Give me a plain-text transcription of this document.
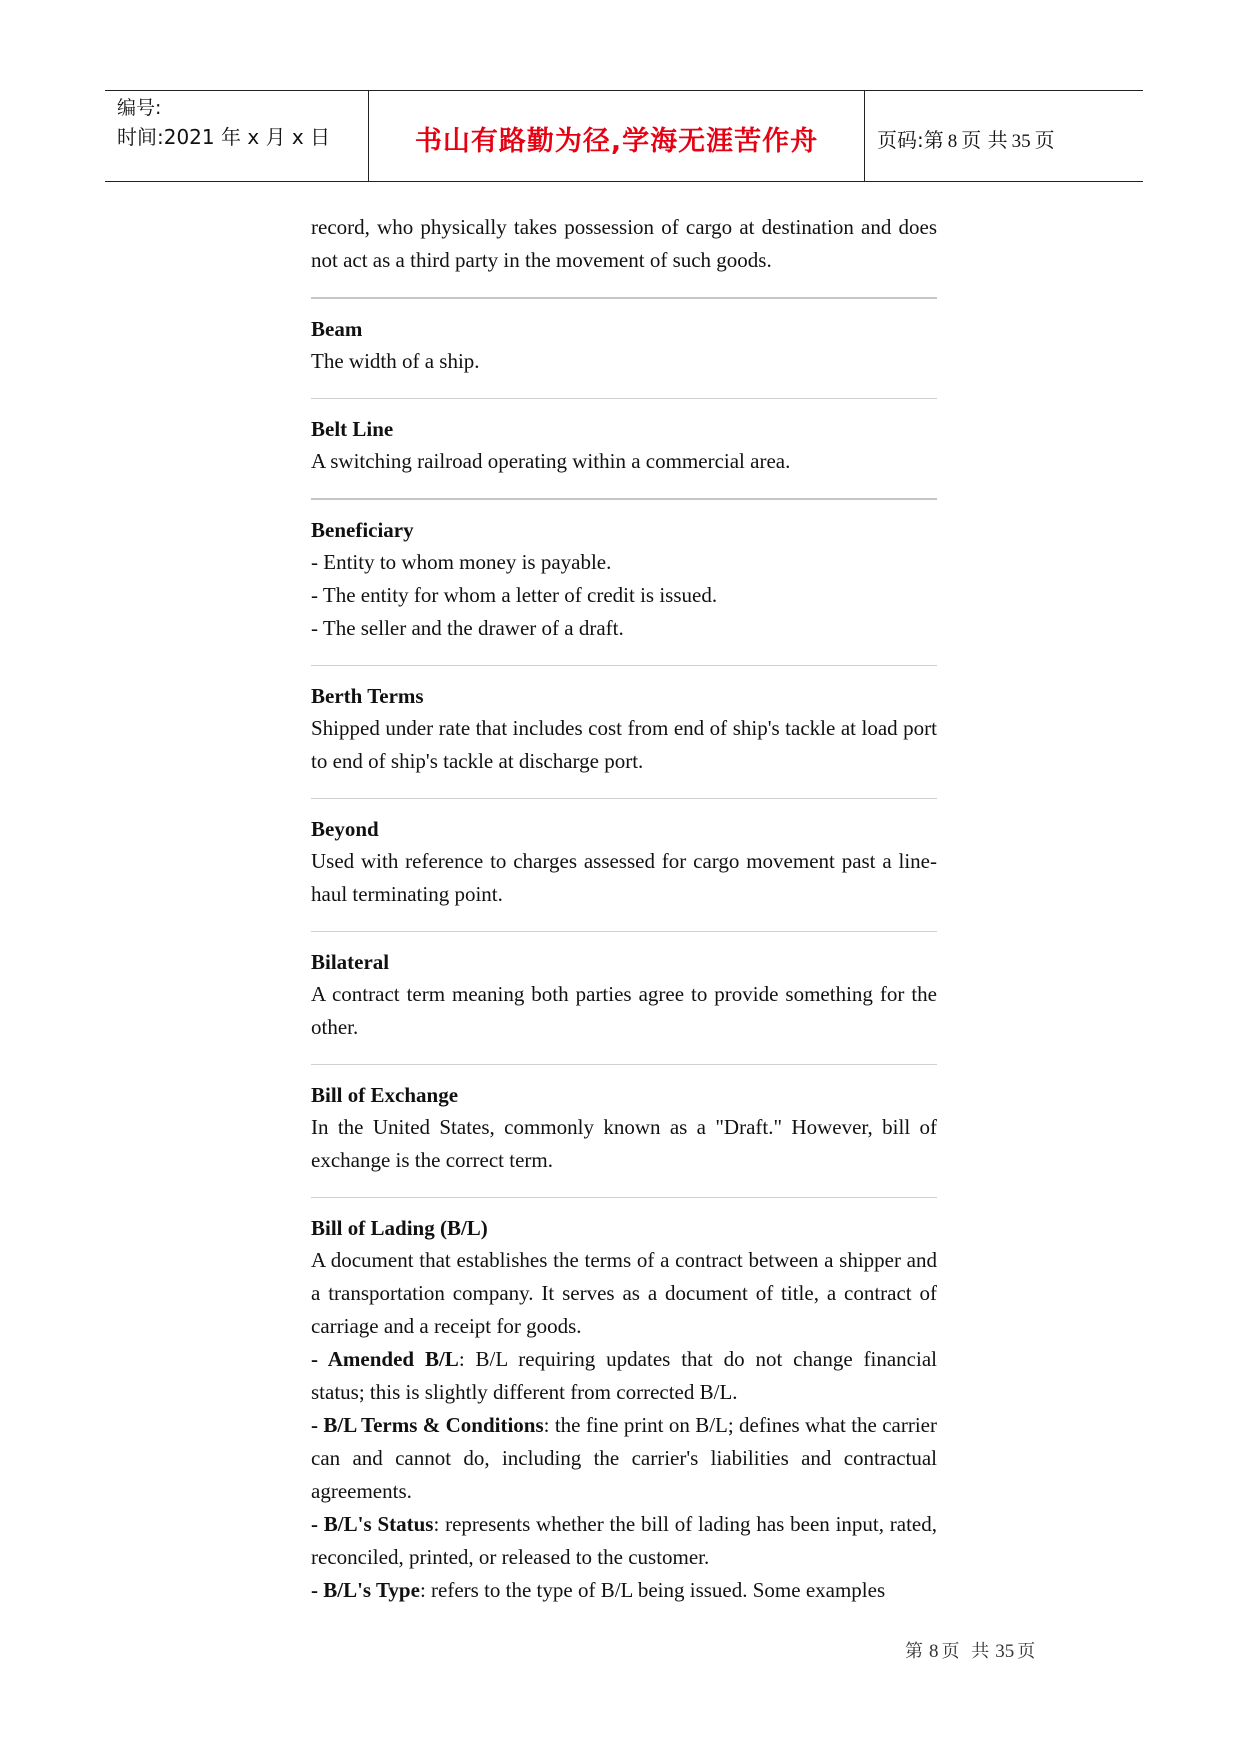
编号:
时间:2021 年 x 月 x 日	书山有路勤为径,学海无涯苦作舟	页码:第 8 页 共 35 页

record, who physically takes possession of cargo at destination and does not act as a third party in the movement of such goods.

Beam

The width of a ship.

Belt Line

A switching railroad operating within a commercial area.

Beneficiary

- Entity to whom money is payable.

- The entity for whom a letter of credit is issued.

- The seller and the drawer of a draft.

Berth Terms

Shipped under rate that includes cost from end of ship's tackle at load port to end of ship's tackle at discharge port.

Beyond

Used with reference to charges assessed for cargo movement past a line-haul terminating point.

Bilateral

A contract term meaning both parties agree to provide something for the other.

Bill of Exchange

In the United States, commonly known as a "Draft." However, bill of exchange is the correct term.

Bill of Lading (B/L)

A document that establishes the terms of a contract between a shipper and a transportation company. It serves as a document of title, a contract of carriage and a receipt for goods.

- Amended B/L: B/L requiring updates that do not change financial status; this is slightly different from corrected B/L.

- B/L Terms & Conditions: the fine print on B/L; defines what the carrier can and cannot do, including the carrier's liabilities and contractual agreements.

- B/L's Status: represents whether the bill of lading has been input, rated, reconciled, printed, or released to the customer.

- B/L's Type: refers to the type of B/L being issued. Some examples

第 8 页 共 35 页
